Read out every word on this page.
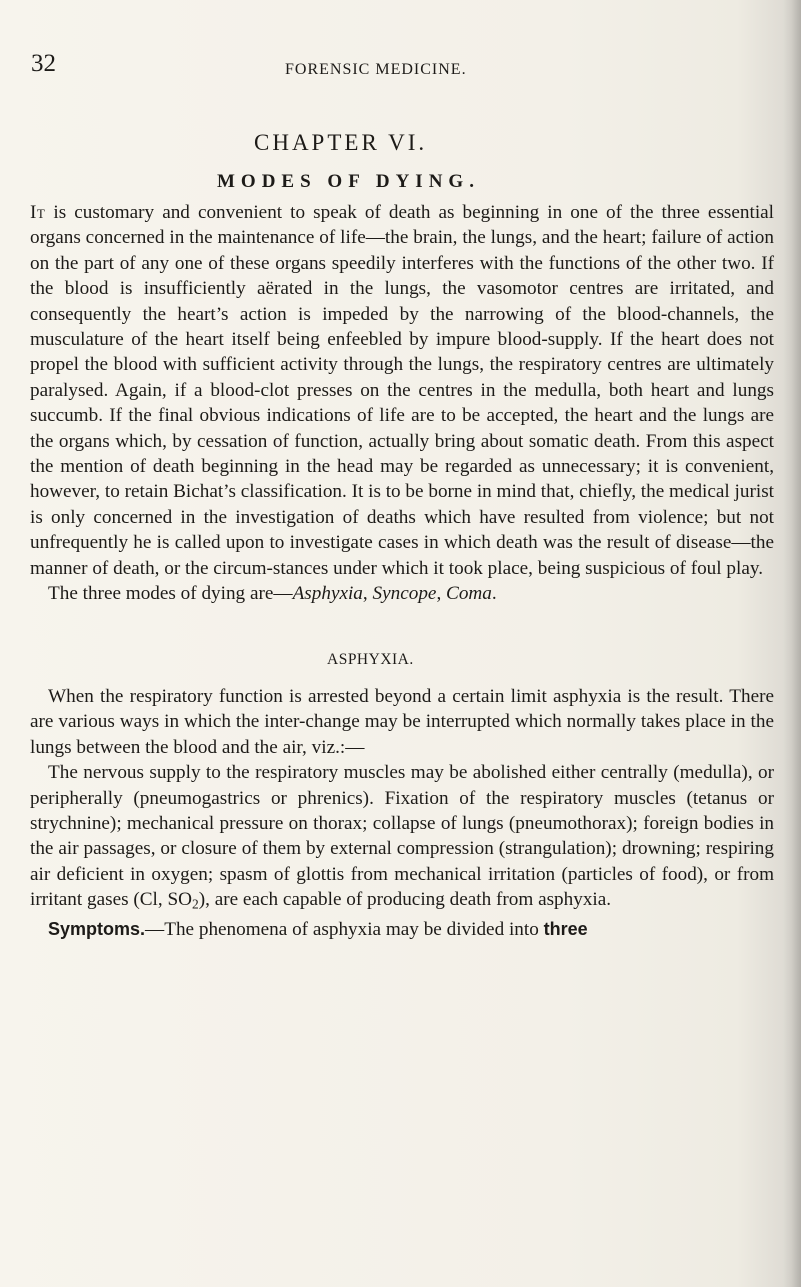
32	FORENSIC MEDICINE.
CHAPTER VI.
MODES OF DYING.

It is customary and convenient to speak of death as beginning in one of the three essential organs concerned in the maintenance of life—the brain, the lungs, and the heart; failure of action on the part of any one of these organs speedily interferes with the functions of the other two. If the blood is insufficiently aërated in the lungs, the vasomotor centres are irritated, and consequently the heart’s action is impeded by the narrowing of the blood-channels, the musculature of the heart itself being enfeebled by impure blood-supply. If the heart does not propel the blood with sufficient activity through the lungs, the respiratory centres are ultimately paralysed. Again, if a blood-clot presses on the centres in the medulla, both heart and lungs succumb. If the final obvious indications of life are to be accepted, the heart and the lungs are the organs which, by cessation of function, actually bring about somatic death. From this aspect the mention of death beginning in the head may be regarded as unnecessary; it is convenient, however, to retain Bichat’s classification. It is to be borne in mind that, chiefly, the medical jurist is only concerned in the investigation of deaths which have resulted from violence; but not unfrequently he is called upon to investigate cases in which death was the result of disease—the manner of death, or the circum-stances under which it took place, being suspicious of foul play.

The three modes of dying are—Asphyxia, Syncope, Coma.

ASPHYXIA.

When the respiratory function is arrested beyond a certain limit asphyxia is the result. There are various ways in which the inter-change may be interrupted which normally takes place in the lungs between the blood and the air, viz.:—

The nervous supply to the respiratory muscles may be abolished either centrally (medulla), or peripherally (pneumogastrics or phrenics). Fixation of the respiratory muscles (tetanus or strychnine); mechanical pressure on thorax; collapse of lungs (pneumothorax); foreign bodies in the air passages, or closure of them by external compression (strangulation); drowning; respiring air deficient in oxygen; spasm of glottis from mechanical irritation (particles of food), or from irritant gases (Cl, $SO_2$), are each capable of producing death from asphyxia.

Symptoms.—The phenomena of asphyxia may be divided into three
